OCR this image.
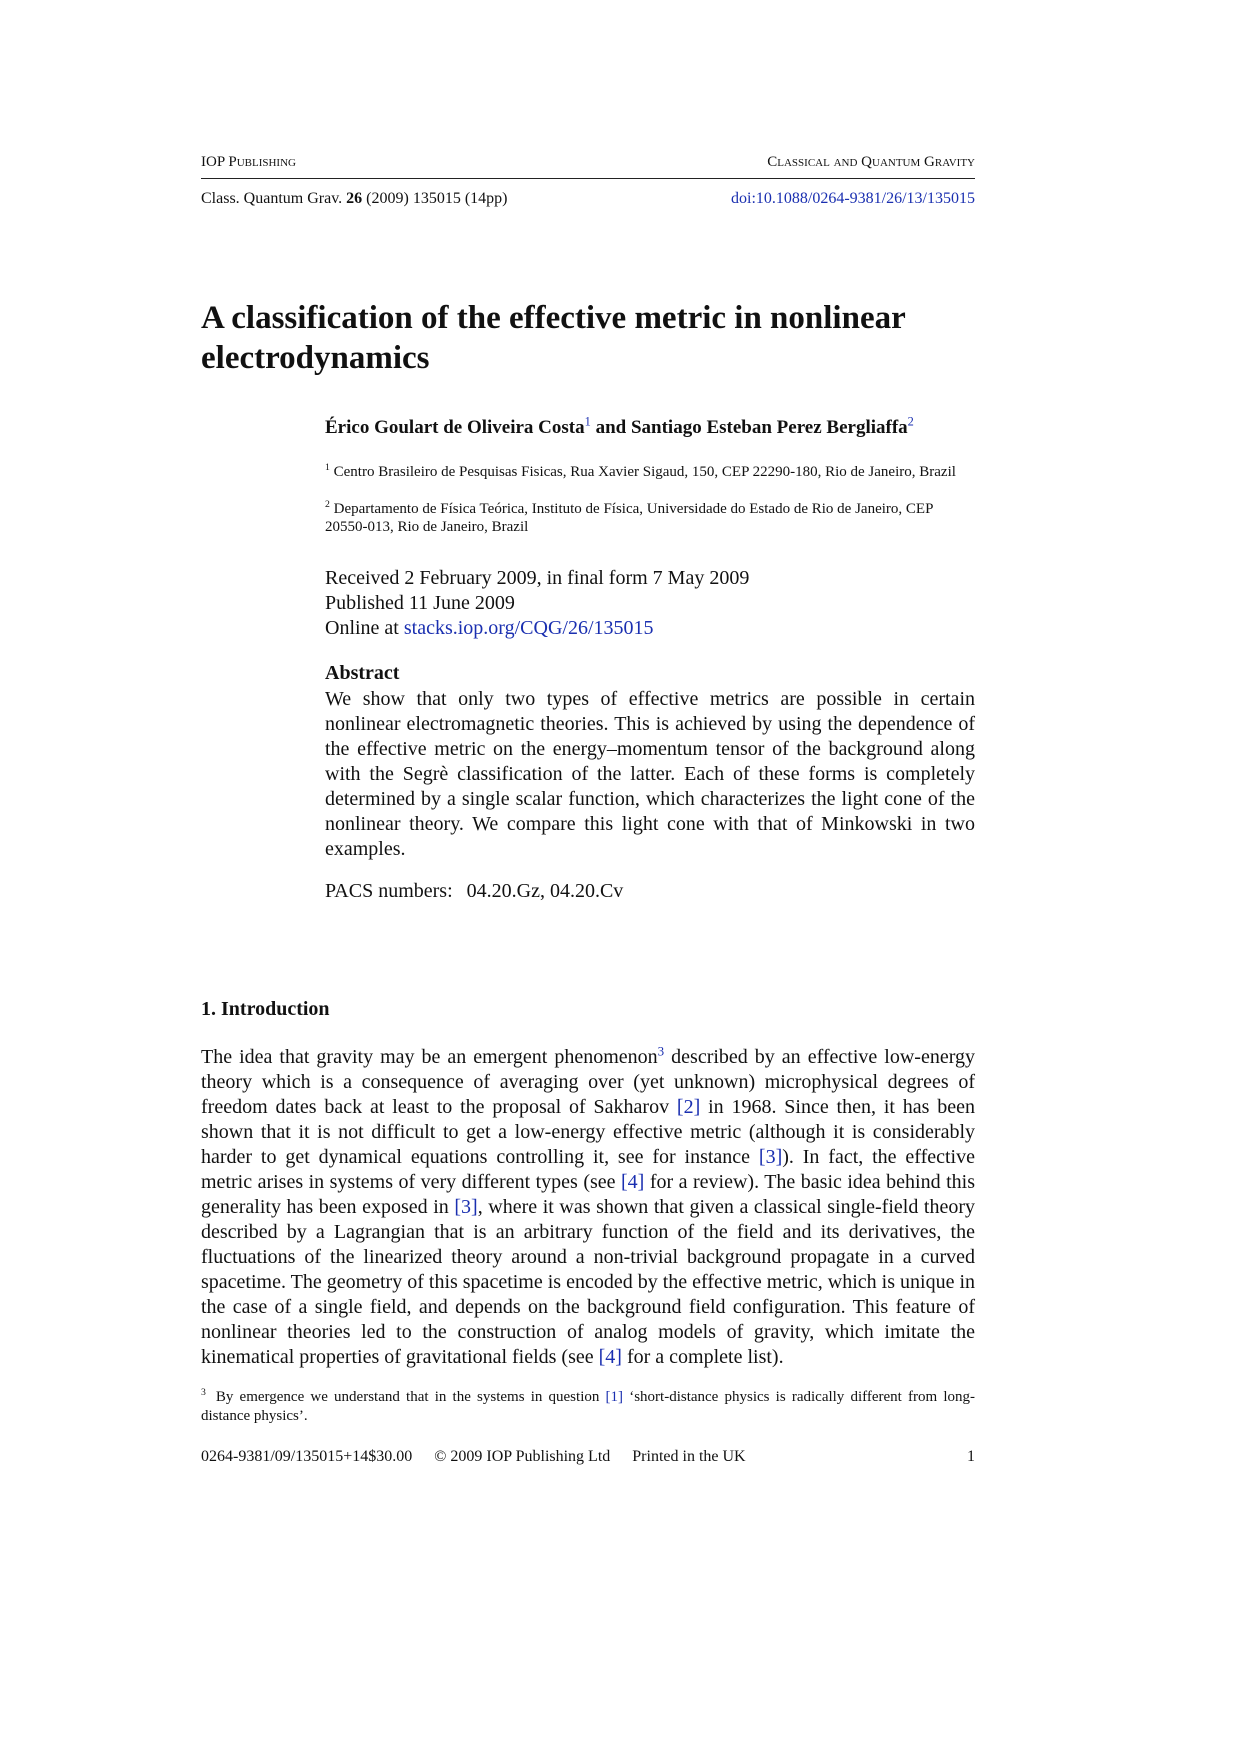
IOP Publishing	Classical and Quantum Gravity
Class. Quantum Grav. 26 (2009) 135015 (14pp)	doi:10.1088/0264-9381/26/13/135015
A classification of the effective metric in nonlinear electrodynamics
Érico Goulart de Oliveira Costa$^1$ and Santiago Esteban Perez Bergliaffa$^2$
$^1$ Centro Brasileiro de Pesquisas Fisicas, Rua Xavier Sigaud, 150, CEP 22290-180, Rio de Janeiro, Brazil
$^2$ Departamento de Física Teórica, Instituto de Física, Universidade do Estado de Rio de Janeiro, CEP 20550-013, Rio de Janeiro, Brazil
Received 2 February 2009, in final form 7 May 2009
Published 11 June 2009
Online at stacks.iop.org/CQG/26/135015
Abstract
We show that only two types of effective metrics are possible in certain nonlinear electromagnetic theories. This is achieved by using the dependence of the effective metric on the energy–momentum tensor of the background along with the Segrè classification of the latter. Each of these forms is completely determined by a single scalar function, which characterizes the light cone of the nonlinear theory. We compare this light cone with that of Minkowski in two examples.
PACS numbers: 04.20.Gz, 04.20.Cv
1. Introduction
The idea that gravity may be an emergent phenomenon$^3$ described by an effective low-energy theory which is a consequence of averaging over (yet unknown) microphysical degrees of freedom dates back at least to the proposal of Sakharov [2] in 1968. Since then, it has been shown that it is not difficult to get a low-energy effective metric (although it is considerably harder to get dynamical equations controlling it, see for instance [3]). In fact, the effective metric arises in systems of very different types (see [4] for a review). The basic idea behind this generality has been exposed in [3], where it was shown that given a classical single-field theory described by a Lagrangian that is an arbitrary function of the field and its derivatives, the fluctuations of the linearized theory around a non-trivial background propagate in a curved spacetime. The geometry of this spacetime is encoded by the effective metric, which is unique in the case of a single field, and depends on the background field configuration. This feature of nonlinear theories led to the construction of analog models of gravity, which imitate the kinematical properties of gravitational fields (see [4] for a complete list).
$^3$ By emergence we understand that in the systems in question [1] ‘short-distance physics is radically different from long-distance physics’.
0264-9381/09/135015+14$30.00 © 2009 IOP Publishing Ltd Printed in the UK	1
